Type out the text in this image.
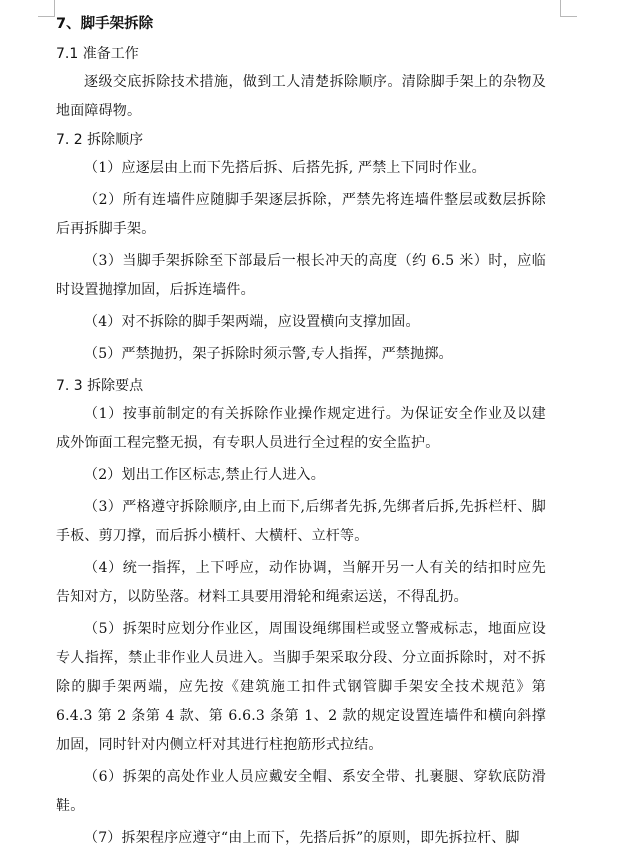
7、脚手架拆除
7.1 准备工作
逐级交底拆除技术措施，做到工人清楚拆除顺序。清除脚手架上的杂物及地面障碍物。
7. 2 拆除顺序
（1）应逐层由上而下先搭后拆、后搭先拆, 严禁上下同时作业。
（2）所有连墙件应随脚手架逐层拆除，严禁先将连墙件整层或数层拆除后再拆脚手架。
（3）当脚手架拆除至下部最后一根长冲天的高度（约 6.5 米）时，应临时设置抛撑加固，后拆连墙件。
（4）对不拆除的脚手架两端，应设置横向支撑加固。
（5）严禁抛扔，架子拆除时须示警,专人指挥，严禁抛掷。
7. 3 拆除要点
（1）按事前制定的有关拆除作业操作规定进行。为保证安全作业及以建成外饰面工程完整无损，有专职人员进行全过程的安全监护。
（2）划出工作区标志,禁止行人进入。
（3）严格遵守拆除顺序,由上而下,后绑者先拆,先绑者后拆,先拆栏杆、脚手板、剪刀撑，而后拆小横杆、大横杆、立杆等。
（4）统一指挥，上下呼应，动作协调，当解开另一人有关的结扣时应先告知对方，以防坠落。材料工具要用滑轮和绳索运送，不得乱扔。
（5）拆架时应划分作业区，周围设绳绑围栏或竖立警戒标志，地面应设专人指挥，禁止非作业人员进入。当脚手架采取分段、分立面拆除时，对不拆除的脚手架两端，应先按《建筑施工扣件式钢管脚手架安全技术规范》第 6.4.3 第 2 条第 4 款、第 6.6.3 条第 1、2 款的规定设置连墙件和横向斜撑加固，同时针对内侧立杆对其进行柱抱筋形式拉结。
（6）拆架的高处作业人员应戴安全帽、系安全带、扎裹腿、穿软底防滑鞋。
（7）拆架程序应遵守“由上而下，先搭后拆”的原则，即先拆拉杆、脚
